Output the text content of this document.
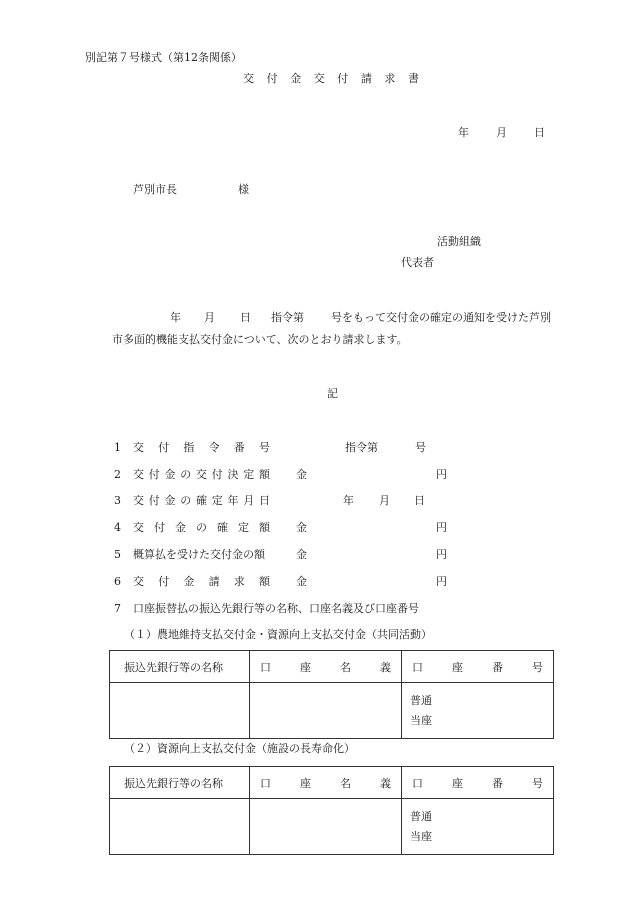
別記第７号様式（第12条関係）
交 付 金 交 付 請 求 書
年 月 日
芦別市長	様
活動組織
代表者
年 月 日 指令第 号をもって交付金の確定の通知を受けた芦別
市多面的機能支払交付金について、次のとおり請求します。
記
1 交 付 指 令 番 号	指令第	号
2 交 付 金 の 交 付 決 定 額 金	円
3 交 付 金 の 確 定 年 月 日	年 月 日
4 交 付 金 の 確 定 額 金	円
5 概算払を受けた交付金の額	金	円
6 交 付 金 請 求 額 金	円
7 口座振替払の振込先銀行等の名称、口座名義及び口座番号
（１）農地維持支払交付金・資源向上支払交付金（共同活動）
振込先銀行等の名称	口 座 名 義	口 座 番 号

		普通
当座
（２）資源向上支払交付金（施設の長寿命化）
振込先銀行等の名称	口 座 名 義	口 座 番 号

		普通
当座
